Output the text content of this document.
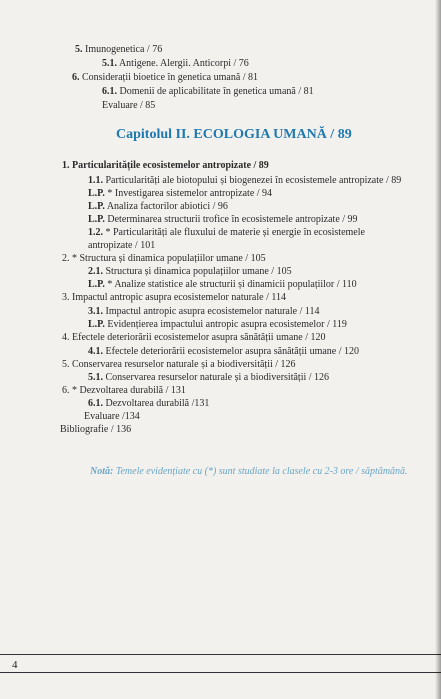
5. Imunogenetica / 76
5.1. Antigene. Alergii. Anticorpi / 76
6. Considerații bioetice în genetica umană / 81
6.1. Domenii de aplicabilitate în genetica umană / 81
Evaluare / 85
Capitolul II. ECOLOGIA UMANĂ / 89
1. Particularitățile ecosistemelor antropizate / 89
1.1. Particularități ale biotopului și biogenezei în ecosistemele antropizate / 89
L.P. * Investigarea sistemelor antropizate / 94
L.P. Analiza factorilor abiotici / 96
L.P. Determinarea structurii trofice în ecosistemele antropizate / 99
1.2. * Particularități ale fluxului de materie și energie în ecosistemele
antropizate / 101
2. * Structura și dinamica populațiilor umane / 105
2.1. Structura și dinamica populațiilor umane / 105
L.P. * Analize statistice ale structurii și dinamicii populațiilor / 110
3. Impactul antropic asupra ecosistemelor naturale / 114
3.1. Impactul antropic asupra ecosistemelor naturale / 114
L.P. Evidențierea impactului antropic asupra ecosistemelor / 119
4. Efectele deteriorării ecosistemelor asupra sănătății umane / 120
4.1. Efectele deteriorării ecosistemelor asupra sănătății umane / 120
5. Conservarea resurselor naturale și a biodiversității / 126
5.1. Conservarea resurselor naturale și a biodiversității / 126
6. * Dezvoltarea durabilă / 131
6.1. Dezvoltarea durabilă /131
Evaluare /134
Bibliografie / 136
Notă: Temele evidențiate cu (*) sunt studiate la clasele cu 2-3 ore / săptămână.
4
